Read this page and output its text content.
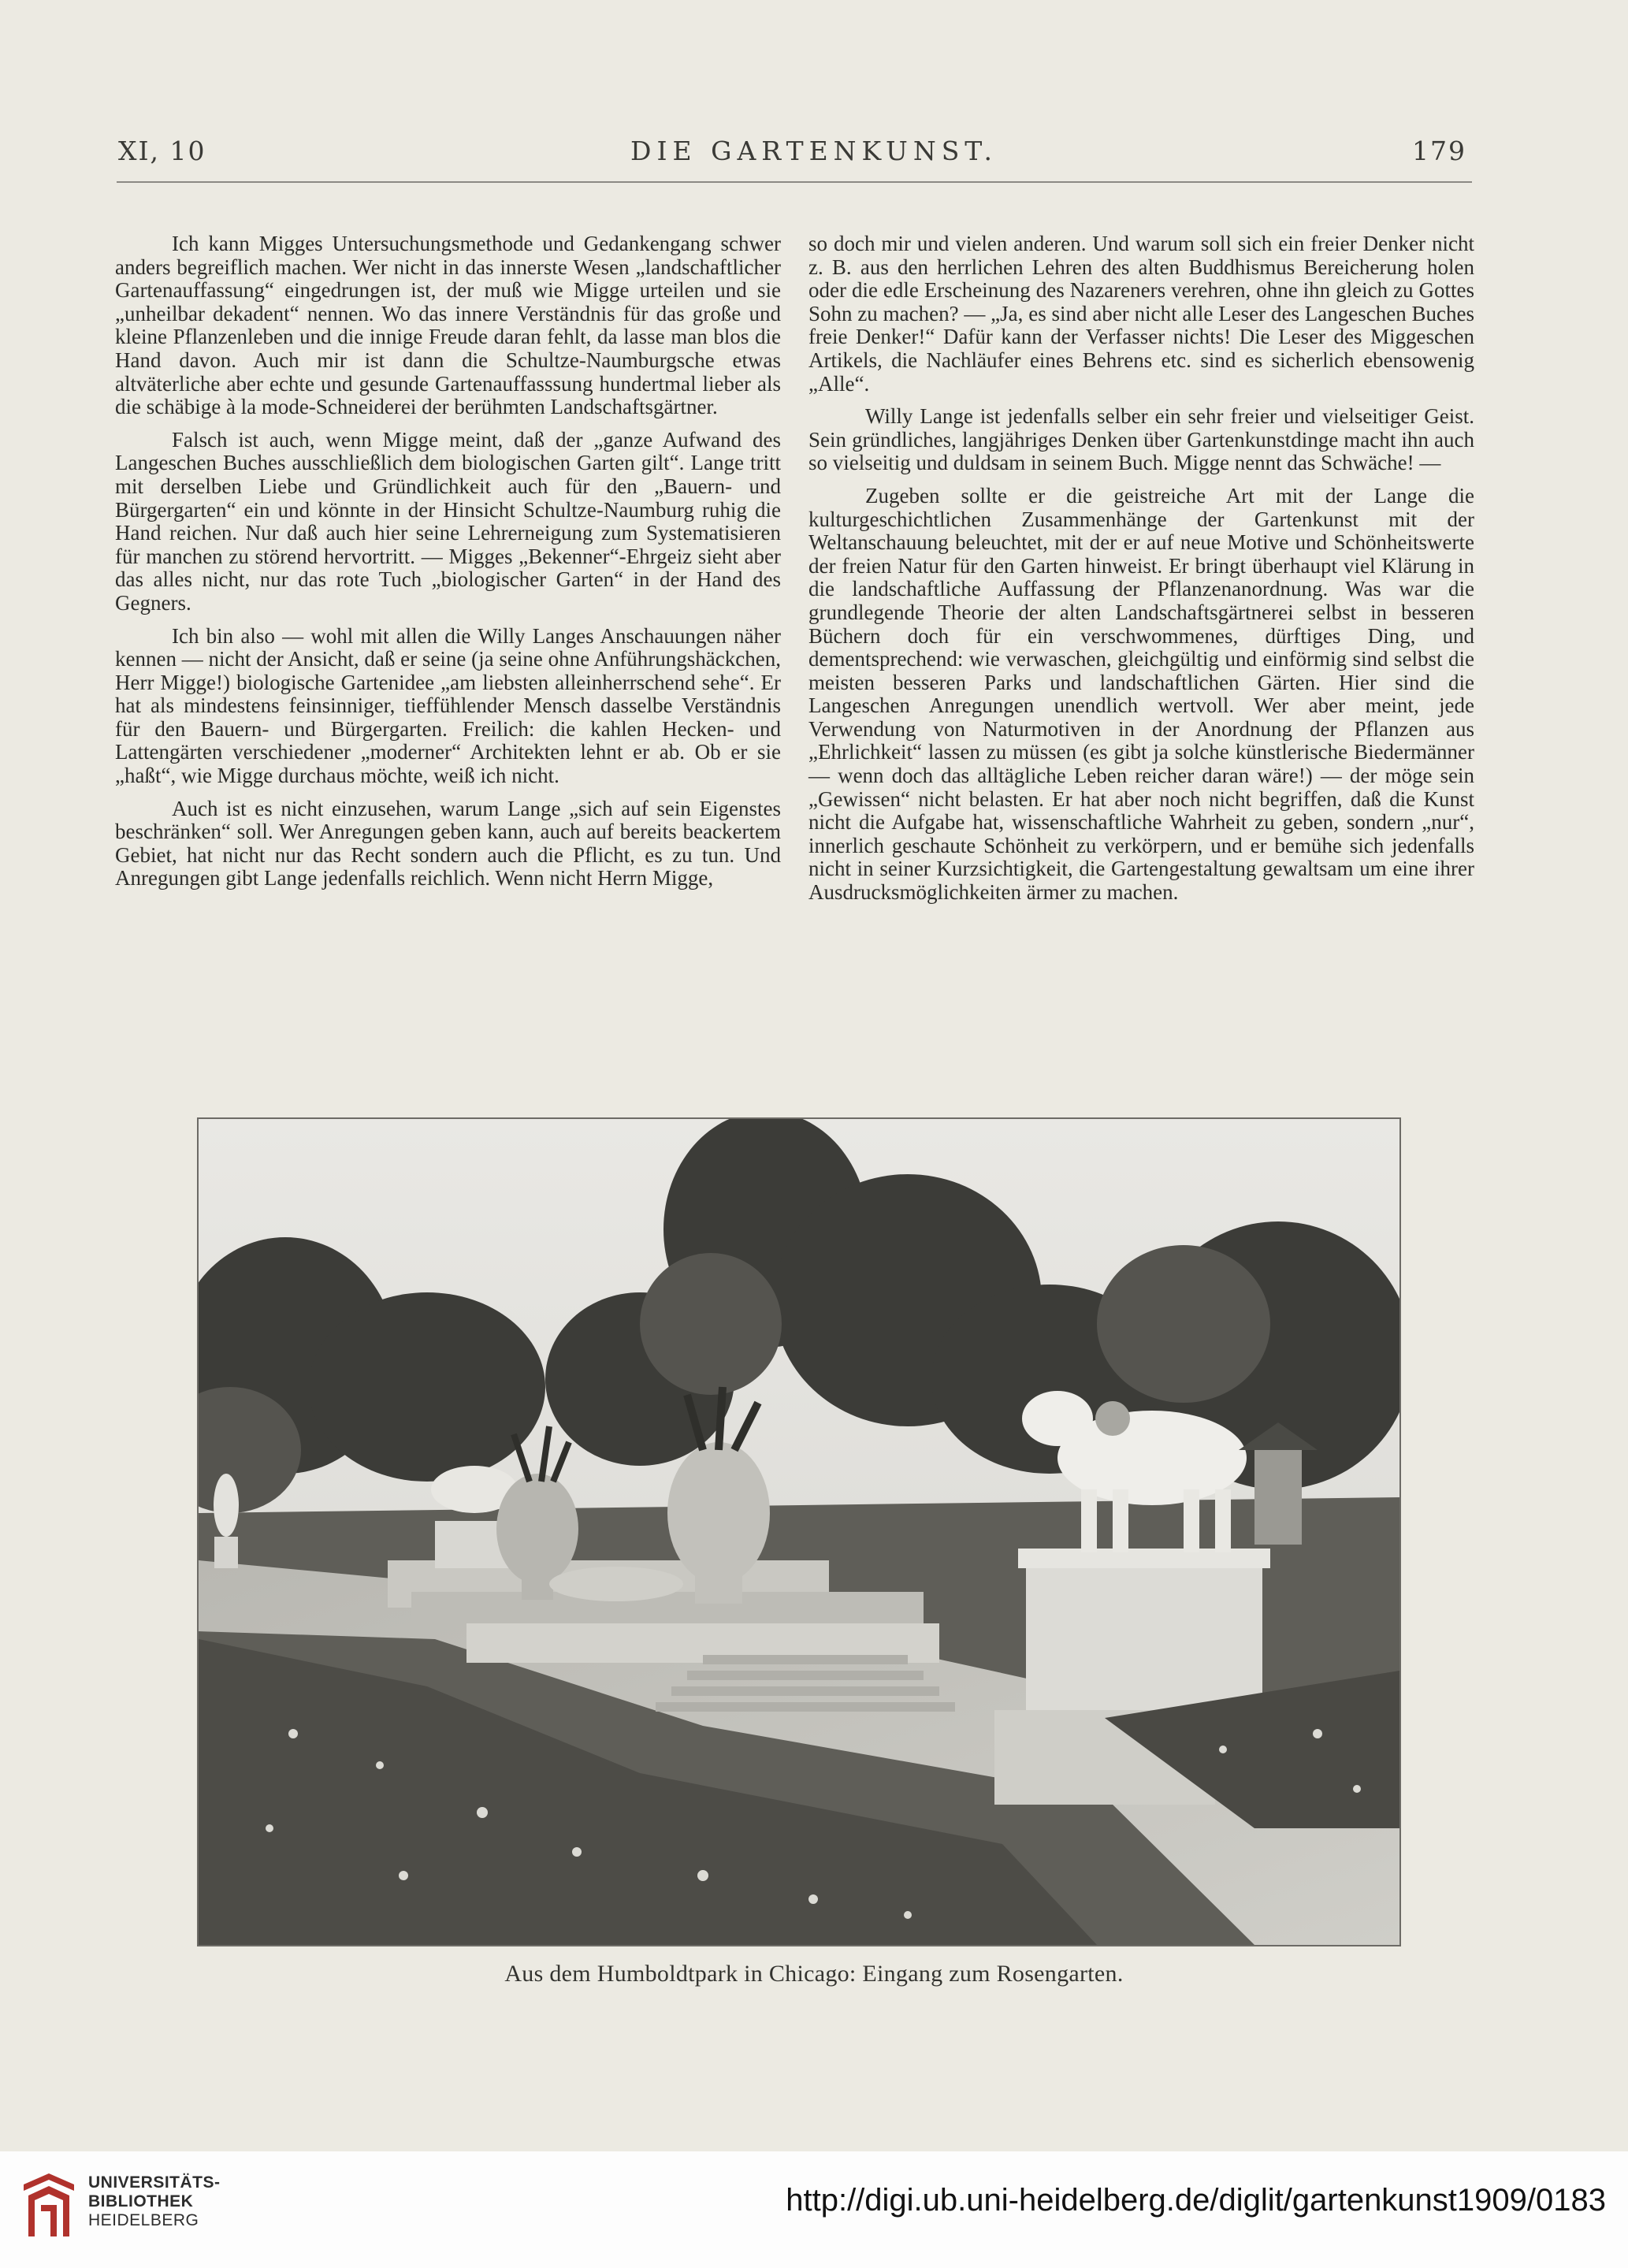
XI, 10	DIE GARTENKUNST.	179

Ich kann Migges Untersuchungsmethode und Gedankengang schwer anders begreiflich machen. Wer nicht in das innerste Wesen „landschaftlicher Gartenauffassung“ eingedrungen ist, der muß wie Migge urteilen und sie „unheilbar dekadent“ nennen. Wo das innere Verständnis für das große und kleine Pflanzenleben und die innige Freude daran fehlt, da lasse man blos die Hand davon. Auch mir ist dann die Schultze-Naumburgsche etwas altväterliche aber echte und gesunde Gartenauffasssung hundertmal lieber als die schäbige à la mode-Schneiderei der berühmten Landschaftsgärtner.

Falsch ist auch, wenn Migge meint, daß der „ganze Aufwand des Langeschen Buches ausschließlich dem biologischen Garten gilt“. Lange tritt mit derselben Liebe und Gründlichkeit auch für den „Bauern- und Bürgergarten“ ein und könnte in der Hinsicht Schultze-Naumburg ruhig die Hand reichen. Nur daß auch hier seine Lehrerneigung zum Systematisieren für manchen zu störend hervortritt. — Migges „Bekenner“-Ehrgeiz sieht aber das alles nicht, nur das rote Tuch „biologischer Garten“ in der Hand des Gegners.

Ich bin also — wohl mit allen die Willy Langes Anschauungen näher kennen — nicht der Ansicht, daß er seine (ja seine ohne Anführungshäckchen, Herr Migge!) biologische Gartenidee „am liebsten alleinherrschend sehe“. Er hat als mindestens feinsinniger, tieffühlender Mensch dasselbe Verständnis für den Bauern- und Bürgergarten. Freilich: die kahlen Hecken- und Lattengärten verschiedener „moderner“ Architekten lehnt er ab. Ob er sie „haßt“, wie Migge durchaus möchte, weiß ich nicht.

Auch ist es nicht einzusehen, warum Lange „sich auf sein Eigenstes beschränken“ soll. Wer Anregungen geben kann, auch auf bereits beackertem Gebiet, hat nicht nur das Recht sondern auch die Pflicht, es zu tun. Und Anregungen gibt Lange jedenfalls reichlich. Wenn nicht Herrn Migge,

so doch mir und vielen anderen. Und warum soll sich ein freier Denker nicht z. B. aus den herrlichen Lehren des alten Buddhismus Bereicherung holen oder die edle Erscheinung des Nazareners verehren, ohne ihn gleich zu Gottes Sohn zu machen? — „Ja, es sind aber nicht alle Leser des Langeschen Buches freie Denker!“ Dafür kann der Verfasser nichts! Die Leser des Miggeschen Artikels, die Nachläufer eines Behrens etc. sind es sicherlich ebensowenig „Alle“.

Willy Lange ist jedenfalls selber ein sehr freier und vielseitiger Geist. Sein gründliches, langjähriges Denken über Gartenkunstdinge macht ihn auch so vielseitig und duldsam in seinem Buch. Migge nennt das Schwäche! —

Zugeben sollte er die geistreiche Art mit der Lange die kulturgeschichtlichen Zusammenhänge der Gartenkunst mit der Weltanschauung beleuchtet, mit der er auf neue Motive und Schönheitswerte der freien Natur für den Garten hinweist. Er bringt überhaupt viel Klärung in die landschaftliche Auffassung der Pflanzenanordnung. Was war die grundlegende Theorie der alten Landschaftsgärtnerei selbst in besseren Büchern doch für ein verschwommenes, dürftiges Ding, und dementsprechend: wie verwaschen, gleichgültig und einförmig sind selbst die meisten besseren Parks und landschaftlichen Gärten. Hier sind die Langeschen Anregungen unendlich wertvoll. Wer aber meint, jede Verwendung von Naturmotiven in der Anordnung der Pflanzen aus „Ehrlichkeit“ lassen zu müssen (es gibt ja solche künstlerische Biedermänner — wenn doch das alltägliche Leben reicher daran wäre!) — der möge sein „Gewissen“ nicht belasten. Er hat aber noch nicht begriffen, daß die Kunst nicht die Aufgabe hat, wissenschaftliche Wahrheit zu geben, sondern „nur“, innerlich geschaute Schönheit zu verkörpern, und er bemühe sich jedenfalls nicht in seiner Kurzsichtigkeit, die Gartengestaltung gewaltsam um eine ihrer Ausdrucksmöglichkeiten ärmer zu machen.

Aus dem Humboldtpark in Chicago: Eingang zum Rosengarten.
UNIVERSITÄTS-
BIBLIOTHEK
HEIDELBERG
http://digi.ub.uni-heidelberg.de/diglit/gartenkunst1909/0183
